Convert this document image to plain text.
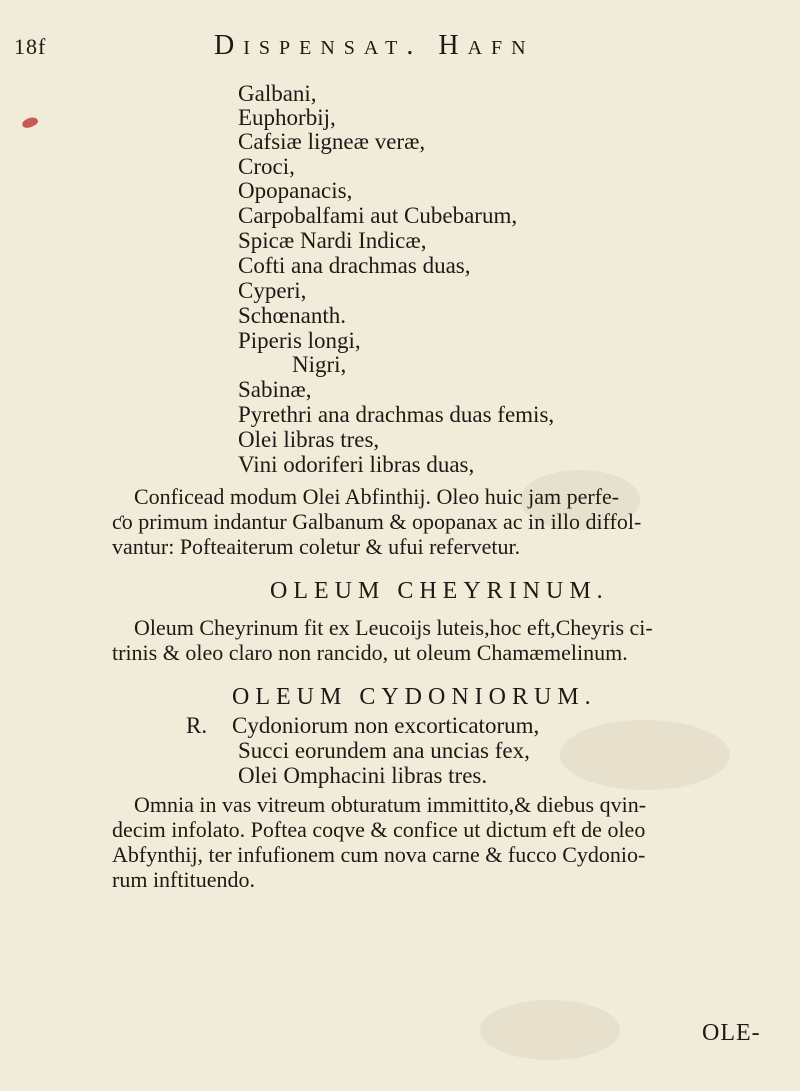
18f	Dispensat. Hafn
Galbani,
Euphorbij,
Cafsiæ ligneæ veræ,
Croci,
Opopanacis,
Carpobalfami aut Cubebarum,
Spicæ Nardi Indicæ,
Cofti ana drachmas duas,
Cyperi,
Schœnanth.
Piperis longi,
Nigri,
Sabinæ,
Pyrethri ana drachmas duas femis,
Olei libras tres,
Vini odoriferi libras duas,
Conficead modum Olei Abfinthij. Oleo huic jam perfe-
ƈo primum indantur Galbanum & opopanax ac in illo diffol-
vantur: Pofteaiterum coletur & ufui refervetur.
OLEUM CHEYRINUM.
Oleum Cheyrinum fit ex Leucoijs luteis,hoc eft,Cheyris ci-
trinis & oleo claro non rancido, ut oleum Chamæmelinum.
OLEUM CYDONIORUM.
R. Cydoniorum non excorticatorum,
Succi eorundem ana uncias fex,
Olei Omphacini libras tres.
Omnia in vas vitreum obturatum immittito,& diebus qvin-
decim infolato. Poftea coqve & confice ut dictum eft de oleo
Abfynthij, ter infufionem cum nova carne & fucco Cydonio-
rum inftituendo.
OLE-
